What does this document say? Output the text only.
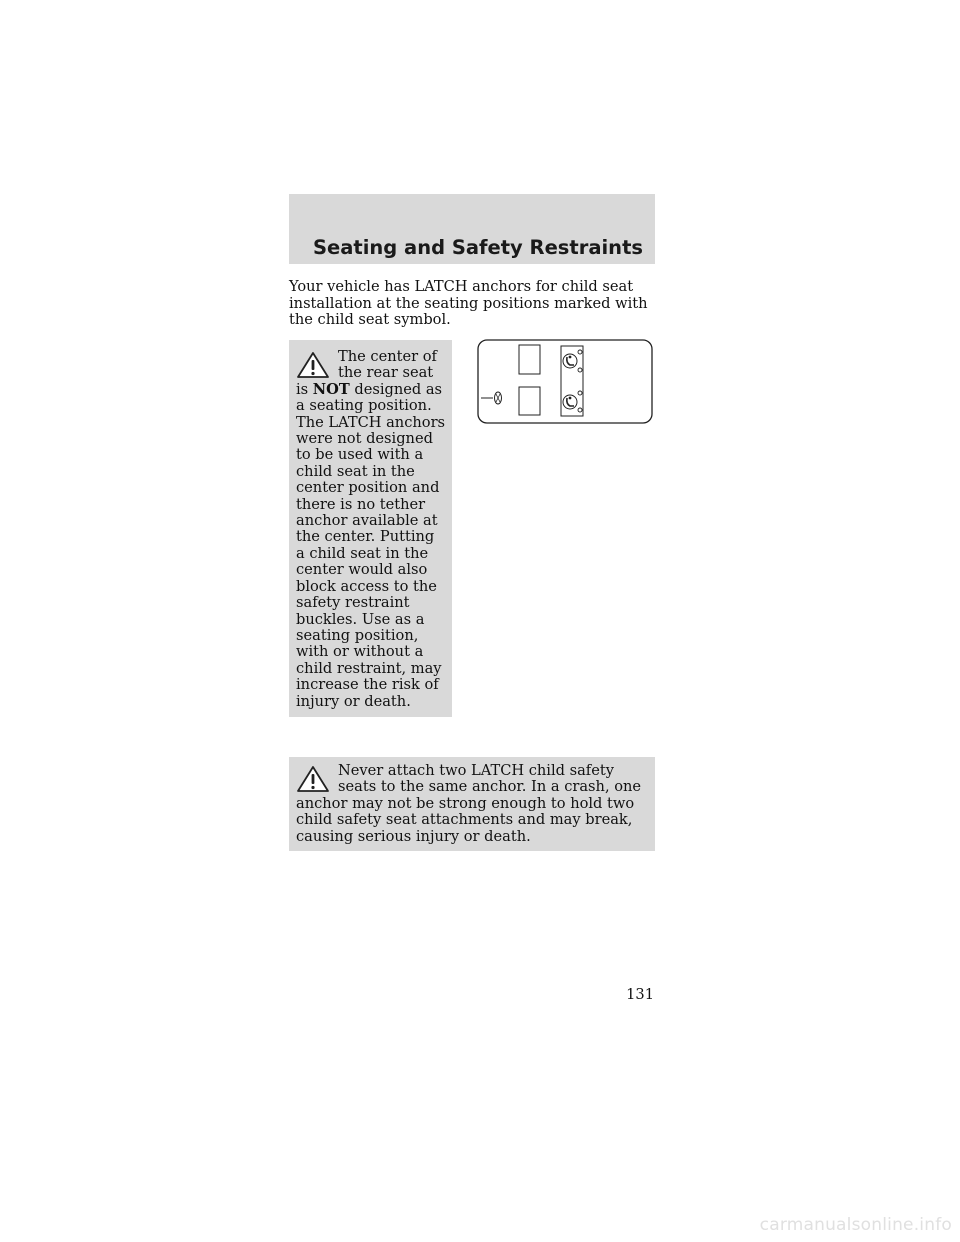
Seating and Safety Restraints

Your vehicle has LATCH anchors for child seat installation at the seating positions marked with the child seat symbol.

The center of the rear seat is NOT designed as a seating position. The LATCH anchors were not designed to be used with a child seat in the center position and there is no tether anchor available at the center. Putting a child seat in the center would also block access to the safety restraint buckles. Use as a seating position, with or without a child restraint, may increase the risk of injury or death.

Never attach two LATCH child safety seats to the same anchor. In a crash, one anchor may not be strong enough to hold two child safety seat attachments and may break, causing serious injury or death.

131
carmanualsonline.info
